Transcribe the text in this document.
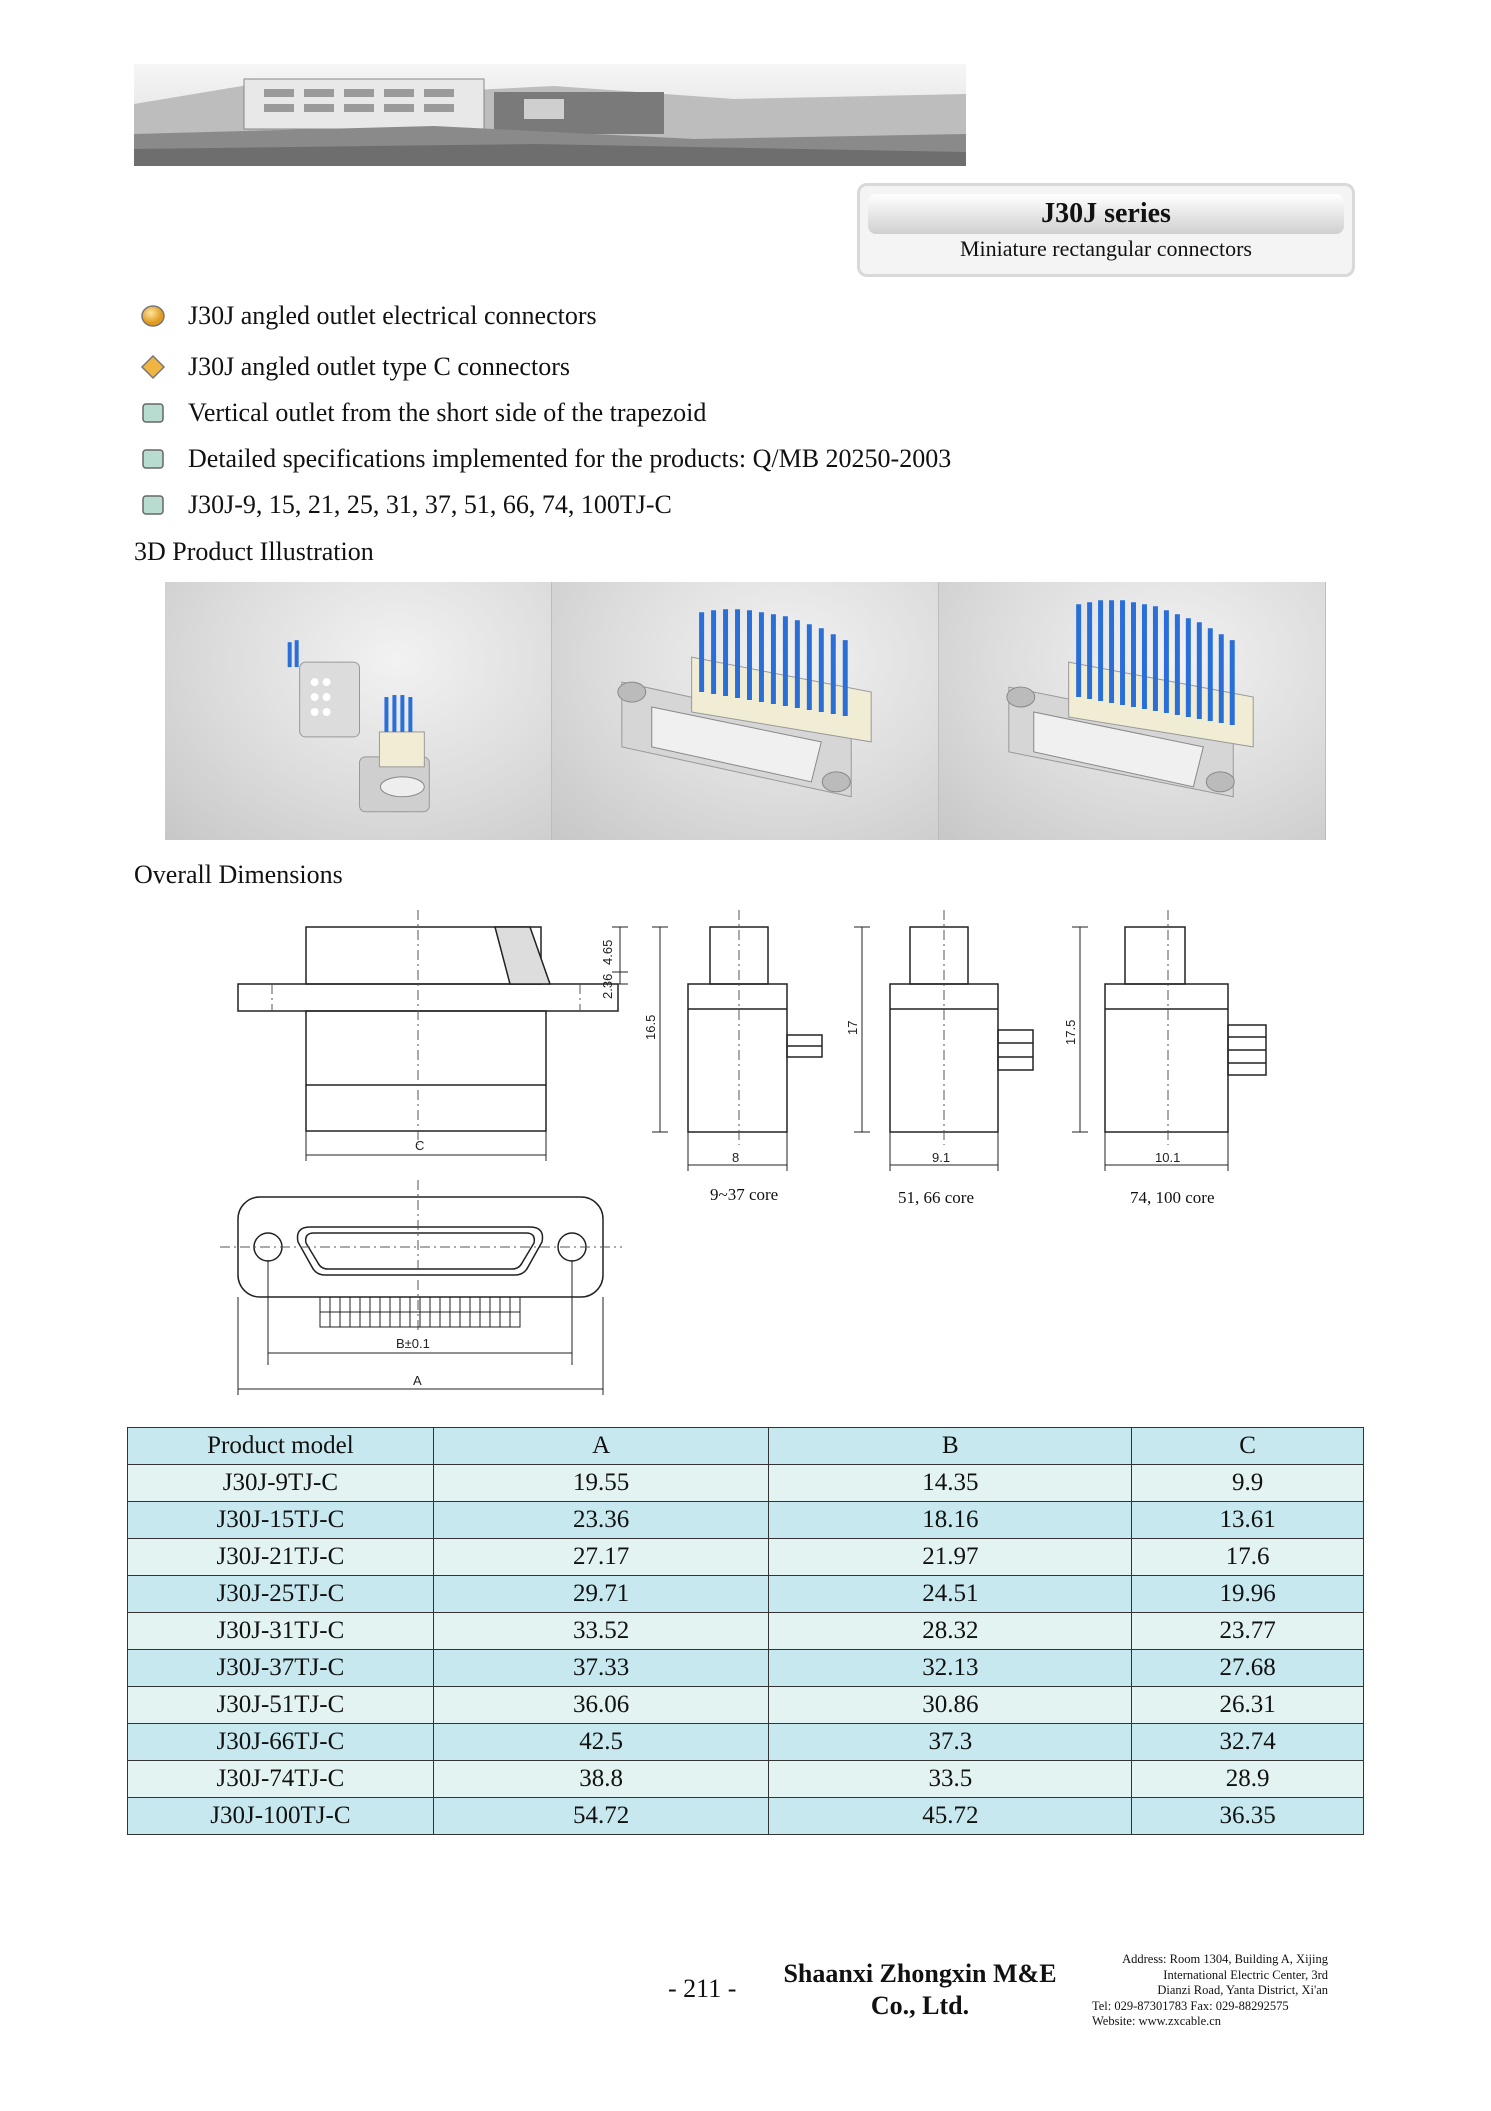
J30J series
Miniature rectangular connectors
J30J angled outlet electrical connectors
J30J angled outlet type C connectors
Vertical outlet from the short side of the trapezoid
Detailed specifications implemented for the products: Q/MB 20250-2003
J30J-9, 15, 21, 25, 31, 37, 51, 66, 74, 100TJ-C
3D Product Illustration
Overall Dimensions
4.65
2.36
C
16.5
8
9~37 core
17
9.1
51, 66 core
17.5
10.1
74, 100 core
B±0.1
A
Product model	A	B	C
J30J-9TJ-C	19.55	14.35	9.9
J30J-15TJ-C	23.36	18.16	13.61
J30J-21TJ-C	27.17	21.97	17.6
J30J-25TJ-C	29.71	24.51	19.96
J30J-31TJ-C	33.52	28.32	23.77
J30J-37TJ-C	37.33	32.13	27.68
J30J-51TJ-C	36.06	30.86	26.31
J30J-66TJ-C	42.5	37.3	32.74
J30J-74TJ-C	38.8	33.5	28.9
J30J-100TJ-C	54.72	45.72	36.35
- 211 -
Shaanxi Zhongxin M&E
Co., Ltd.
Address: Room 1304, Building A, Xijing
International Electric Center, 3rd
Dianzi Road, Yanta District, Xi'an
Tel: 029-87301783 Fax: 029-88292575
Website: www.zxcable.cn
